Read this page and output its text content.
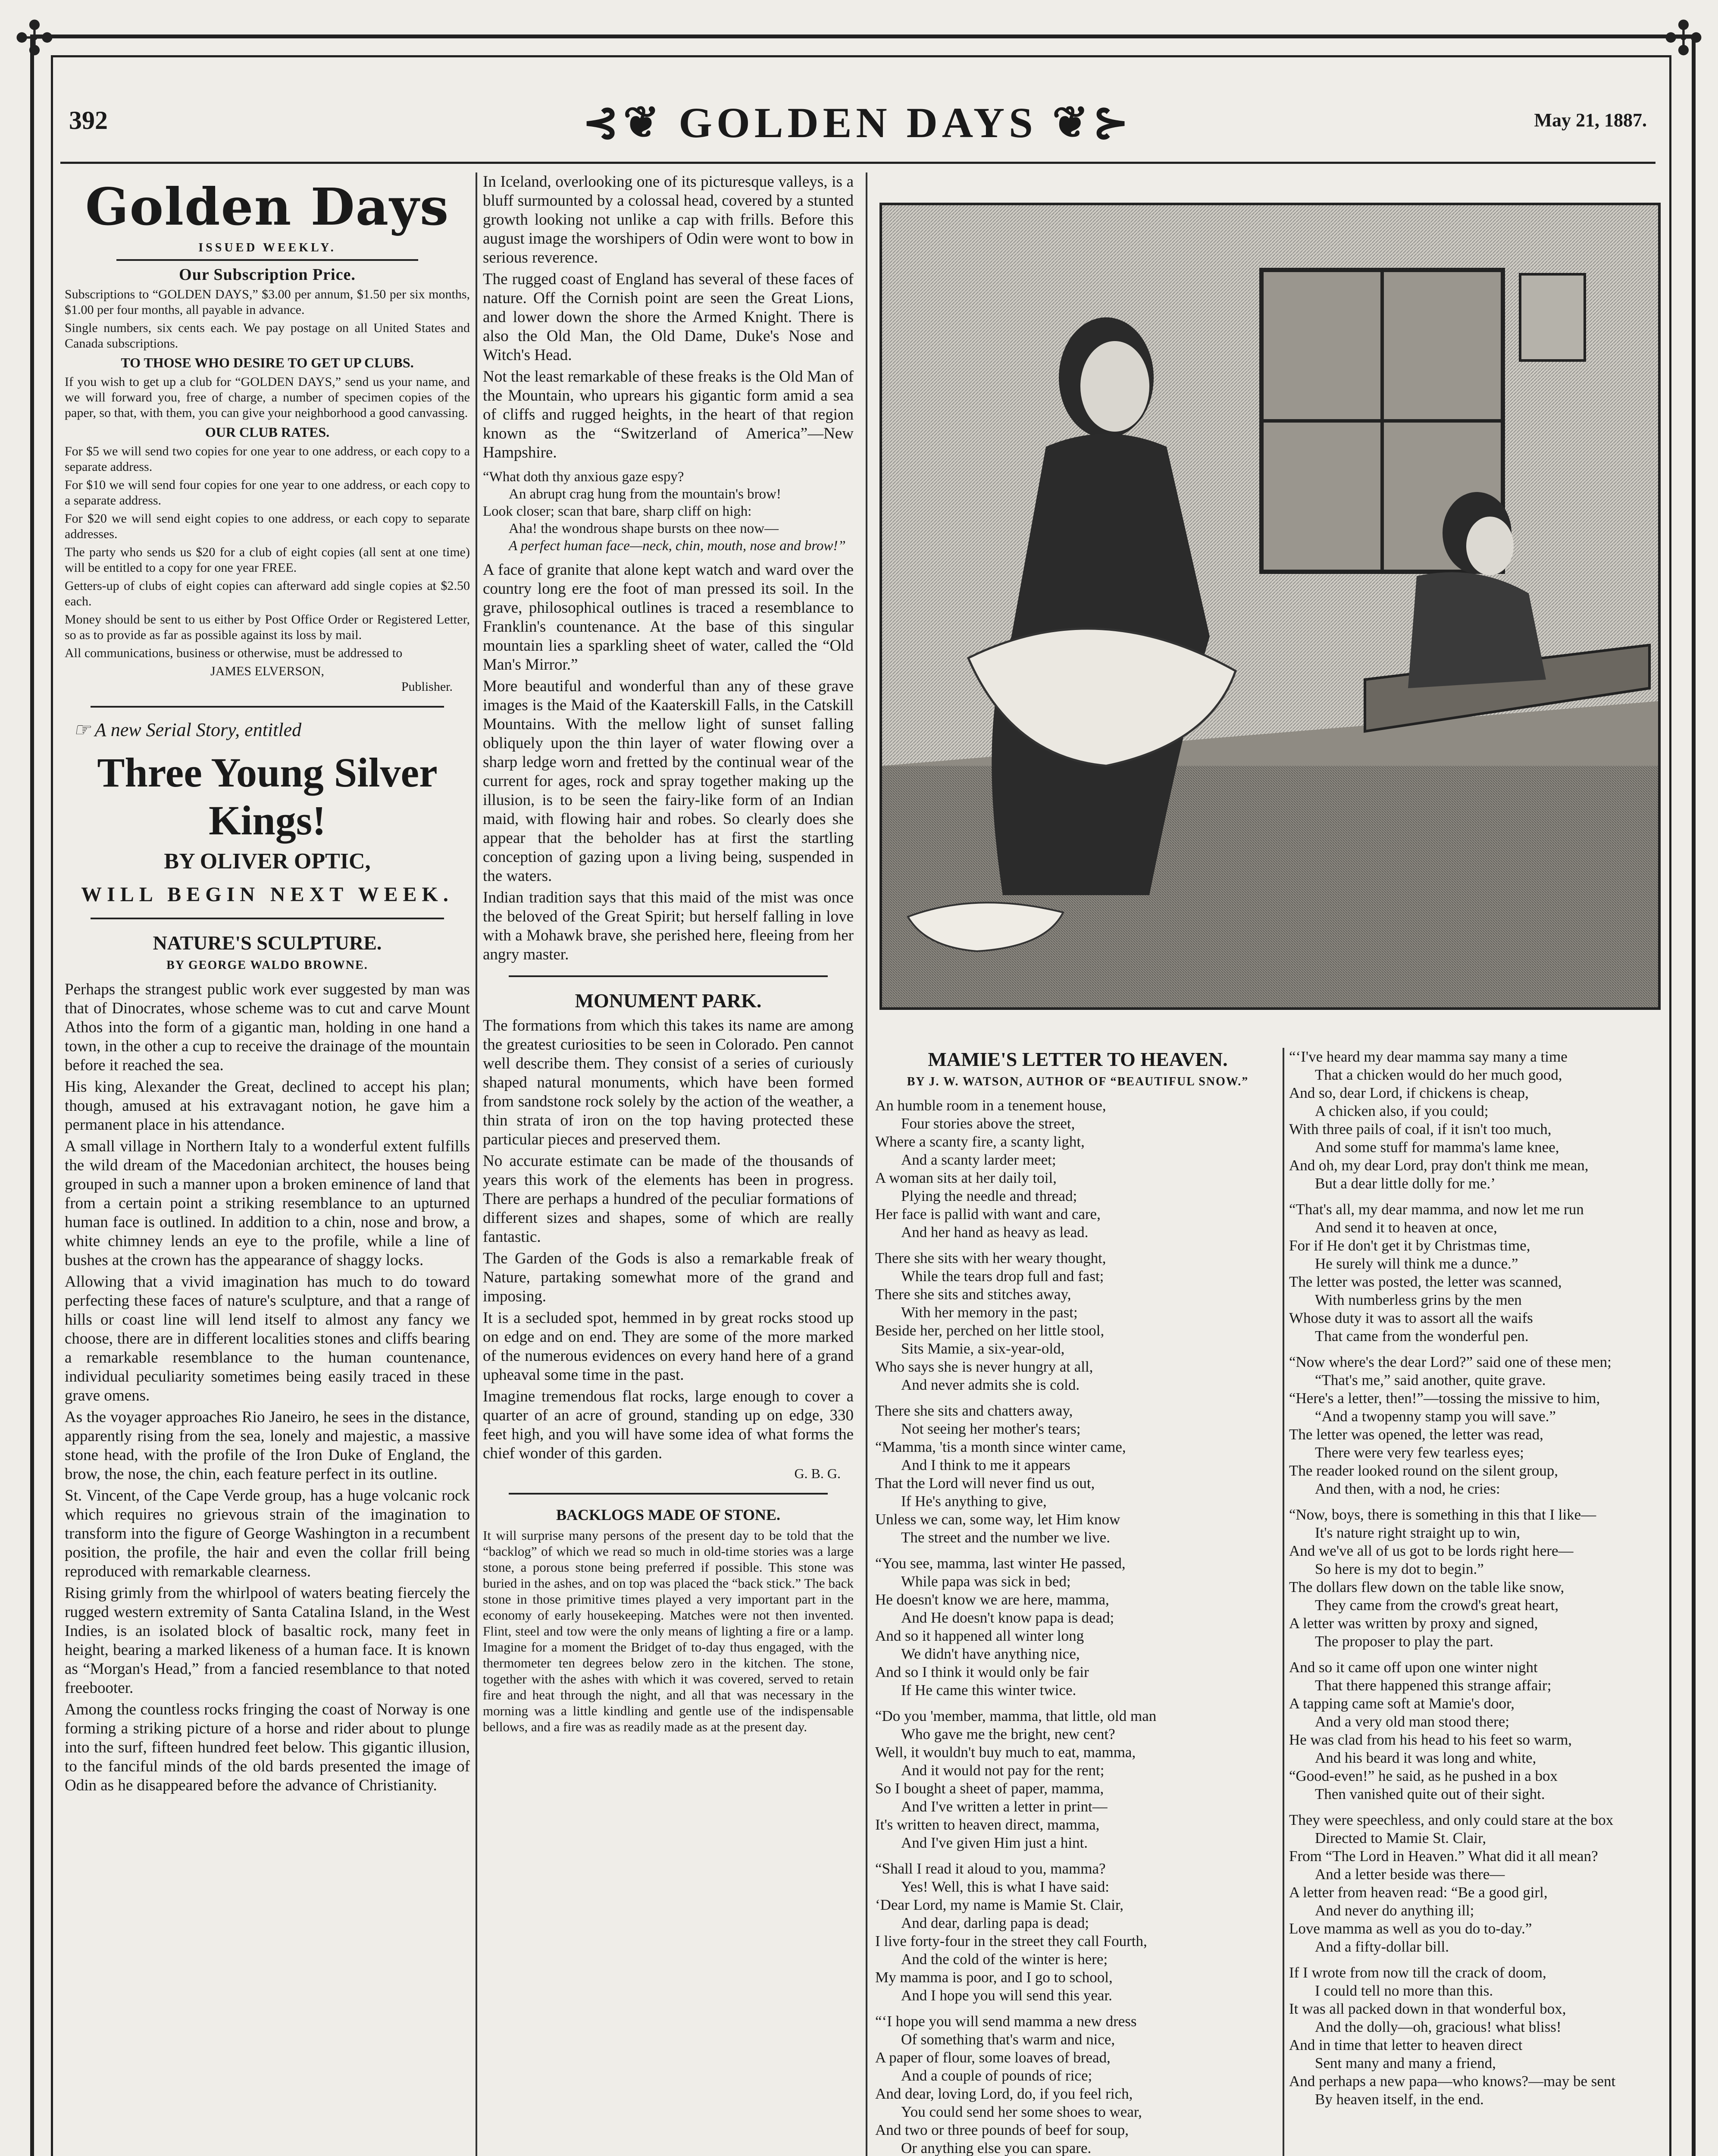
✣	✣
392	⊰❦ GOLDEN DAYS ❦⊱	May 21, 1887.
Golden Days
ISSUED WEEKLY.
Our Subscription Price.

Subscriptions to “GOLDEN DAYS,” $3.00 per annum, $1.50 per six months, $1.00 per four months, all payable in advance.

Single numbers, six cents each. We pay postage on all United States and Canada subscriptions.

TO THOSE WHO DESIRE TO GET UP CLUBS.

If you wish to get up a club for “GOLDEN DAYS,” send us your name, and we will forward you, free of charge, a number of specimen copies of the paper, so that, with them, you can give your neighborhood a good canvassing.

OUR CLUB RATES.

For $5 we will send two copies for one year to one address, or each copy to a separate address.

For $10 we will send four copies for one year to one address, or each copy to a separate address.

For $20 we will send eight copies to one address, or each copy to separate addresses.

The party who sends us $20 for a club of eight copies (all sent at one time) will be entitled to a copy for one year FREE.

Getters-up of clubs of eight copies can afterward add single copies at $2.50 each.

Money should be sent to us either by Post Office Order or Registered Letter, so as to provide as far as possible against its loss by mail.

All communications, business or otherwise, must be addressed to

JAMES ELVERSON,

Publisher.

☞ A new Serial Story, entitled
Three Young Silver Kings!
BY OLIVER OPTIC,
WILL BEGIN NEXT WEEK.
NATURE'S SCULPTURE.
BY GEORGE WALDO BROWNE.

Perhaps the strangest public work ever suggested by man was that of Dinocrates, whose scheme was to cut and carve Mount Athos into the form of a gigantic man, holding in one hand a town, in the other a cup to receive the drainage of the mountain before it reached the sea.

His king, Alexander the Great, declined to accept his plan; though, amused at his extravagant notion, he gave him a permanent place in his attendance.

A small village in Northern Italy to a wonderful extent fulfills the wild dream of the Macedonian architect, the houses being grouped in such a manner upon a broken eminence of land that from a certain point a striking resemblance to an upturned human face is outlined. In addition to a chin, nose and brow, a white chimney lends an eye to the profile, while a line of bushes at the crown has the appearance of shaggy locks.

Allowing that a vivid imagination has much to do toward perfecting these faces of nature's sculpture, and that a range of hills or coast line will lend itself to almost any fancy we choose, there are in different localities stones and cliffs bearing a remarkable resemblance to the human countenance, individual peculiarity sometimes being easily traced in these grave omens.

As the voyager approaches Rio Janeiro, he sees in the distance, apparently rising from the sea, lonely and majestic, a massive stone head, with the profile of the Iron Duke of England, the brow, the nose, the chin, each feature perfect in its outline.

St. Vincent, of the Cape Verde group, has a huge volcanic rock which requires no grievous strain of the imagination to transform into the figure of George Washington in a recumbent position, the profile, the hair and even the collar frill being reproduced with remarkable clearness.

Rising grimly from the whirlpool of waters beating fiercely the rugged western extremity of Santa Catalina Island, in the West Indies, is an isolated block of basaltic rock, many feet in height, bearing a marked likeness of a human face. It is known as “Morgan's Head,” from a fancied resemblance to that noted freebooter.

Among the countless rocks fringing the coast of Norway is one forming a striking picture of a horse and rider about to plunge into the surf, fifteen hundred feet below. This gigantic illusion, to the fanciful minds of the old bards presented the image of Odin as he disappeared before the advance of Christianity.

In Iceland, overlooking one of its picturesque valleys, is a bluff surmounted by a colossal head, covered by a stunted growth looking not unlike a cap with frills. Before this august image the worshipers of Odin were wont to bow in serious reverence.

The rugged coast of England has several of these faces of nature. Off the Cornish point are seen the Great Lions, and lower down the shore the Armed Knight. There is also the Old Man, the Old Dame, Duke's Nose and Witch's Head.

Not the least remarkable of these freaks is the Old Man of the Mountain, who uprears his gigantic form amid a sea of cliffs and rugged heights, in the heart of that region known as the “Switzerland of America”—New Hampshire.

“What doth thy anxious gaze espy?
An abrupt crag hung from the mountain's brow!
Look closer; scan that bare, sharp cliff on high:
Aha! the wondrous shape bursts on thee now—
A perfect human face—neck, chin, mouth, nose and brow!”

A face of granite that alone kept watch and ward over the country long ere the foot of man pressed its soil. In the grave, philosophical outlines is traced a resemblance to Franklin's countenance. At the base of this singular mountain lies a sparkling sheet of water, called the “Old Man's Mirror.”

More beautiful and wonderful than any of these grave images is the Maid of the Kaaterskill Falls, in the Catskill Mountains. With the mellow light of sunset falling obliquely upon the thin layer of water flowing over a sharp ledge worn and fretted by the continual wear of the current for ages, rock and spray together making up the illusion, is to be seen the fairy-like form of an Indian maid, with flowing hair and robes. So clearly does she appear that the beholder has at first the startling conception of gazing upon a living being, suspended in the waters.

Indian tradition says that this maid of the mist was once the beloved of the Great Spirit; but herself falling in love with a Mohawk brave, she perished here, fleeing from her angry master.

MONUMENT PARK.

The formations from which this takes its name are among the greatest curiosities to be seen in Colorado. Pen cannot well describe them. They consist of a series of curiously shaped natural monuments, which have been formed from sandstone rock solely by the action of the weather, a thin strata of iron on the top having protected these particular pieces and preserved them.

No accurate estimate can be made of the thousands of years this work of the elements has been in progress. There are perhaps a hundred of the peculiar formations of different sizes and shapes, some of which are really fantastic.

The Garden of the Gods is also a remarkable freak of Nature, partaking somewhat more of the grand and imposing.

It is a secluded spot, hemmed in by great rocks stood up on edge and on end. They are some of the more marked of the numerous evidences on every hand here of a grand upheaval some time in the past.

Imagine tremendous flat rocks, large enough to cover a quarter of an acre of ground, standing up on edge, 330 feet high, and you will have some idea of what forms the chief wonder of this garden.

G. B. G.
BACKLOGS MADE OF STONE.

It will surprise many persons of the present day to be told that the “backlog” of which we read so much in old-time stories was a large stone, a porous stone being preferred if possible. This stone was buried in the ashes, and on top was placed the “back stick.” The back stone in those primitive times played a very important part in the economy of early housekeeping. Matches were not then invented. Flint, steel and tow were the only means of lighting a fire or a lamp. Imagine for a moment the Bridget of to-day thus engaged, with the thermometer ten degrees below zero in the kitchen. The stone, together with the ashes with which it was covered, served to retain fire and heat through the night, and all that was necessary in the morning was a little kindling and gentle use of the indispensable bellows, and a fire was as readily made as at the present day.

MAMIE'S LETTER TO HEAVEN.
BY J. W. WATSON, AUTHOR OF “BEAUTIFUL SNOW.”
An humble room in a tenement house,
Four stories above the street,
Where a scanty fire, a scanty light,
And a scanty larder meet;
A woman sits at her daily toil,
Plying the needle and thread;
Her face is pallid with want and care,
And her hand as heavy as lead.
There she sits with her weary thought,
While the tears drop full and fast;
There she sits and stitches away,
With her memory in the past;
Beside her, perched on her little stool,
Sits Mamie, a six-year-old,
Who says she is never hungry at all,
And never admits she is cold.
There she sits and chatters away,
Not seeing her mother's tears;
“Mamma, 'tis a month since winter came,
And I think to me it appears
That the Lord will never find us out,
If He's anything to give,
Unless we can, some way, let Him know
The street and the number we live.
“You see, mamma, last winter He passed,
While papa was sick in bed;
He doesn't know we are here, mamma,
And He doesn't know papa is dead;
And so it happened all winter long
We didn't have anything nice,
And so I think it would only be fair
If He came this winter twice.
“Do you 'member, mamma, that little, old man
Who gave me the bright, new cent?
Well, it wouldn't buy much to eat, mamma,
And it would not pay for the rent;
So I bought a sheet of paper, mamma,
And I've written a letter in print—
It's written to heaven direct, mamma,
And I've given Him just a hint.
“Shall I read it aloud to you, mamma?
Yes! Well, this is what I have said:
‘Dear Lord, my name is Mamie St. Clair,
And dear, darling papa is dead;
I live forty-four in the street they call Fourth,
And the cold of the winter is here;
My mamma is poor, and I go to school,
And I hope you will send this year.
“‘I hope you will send mamma a new dress
Of something that's warm and nice,
A paper of flour, some loaves of bread,
And a couple of pounds of rice;
And dear, loving Lord, do, if you feel rich,
You could send her some shoes to wear,
And two or three pounds of beef for soup,
Or anything else you can spare.
“‘I've heard my dear mamma say many a time
That a chicken would do her much good,
And so, dear Lord, if chickens is cheap,
A chicken also, if you could;
With three pails of coal, if it isn't too much,
And some stuff for mamma's lame knee,
And oh, my dear Lord, pray don't think me mean,
But a dear little dolly for me.’
“That's all, my dear mamma, and now let me run
And send it to heaven at once,
For if He don't get it by Christmas time,
He surely will think me a dunce.”
The letter was posted, the letter was scanned,
With numberless grins by the men
Whose duty it was to assort all the waifs
That came from the wonderful pen.
“Now where's the dear Lord?” said one of these men;
“That's me,” said another, quite grave.
“Here's a letter, then!”—tossing the missive to him,
“And a twopenny stamp you will save.”
The letter was opened, the letter was read,
There were very few tearless eyes;
The reader looked round on the silent group,
And then, with a nod, he cries:
“Now, boys, there is something in this that I like—
It's nature right straight up to win,
And we've all of us got to be lords right here—
So here is my dot to begin.”
The dollars flew down on the table like snow,
They came from the crowd's great heart,
A letter was written by proxy and signed,
The proposer to play the part.
And so it came off upon one winter night
That there happened this strange affair;
A tapping came soft at Mamie's door,
And a very old man stood there;
He was clad from his head to his feet so warm,
And his beard it was long and white,
“Good-even!” he said, as he pushed in a box
Then vanished quite out of their sight.
They were speechless, and only could stare at the box
Directed to Mamie St. Clair,
From “The Lord in Heaven.” What did it all mean?
And a letter beside was there—
A letter from heaven read: “Be a good girl,
And never do anything ill;
Love mamma as well as you do to-day.”
And a fifty-dollar bill.
If I wrote from now till the crack of doom,
I could tell no more than this.
It was all packed down in that wonderful box,
And the dolly—oh, gracious! what bliss!
And in time that letter to heaven direct
Sent many and many a friend,
And perhaps a new papa—who knows?—may be sent
By heaven itself, in the end.
